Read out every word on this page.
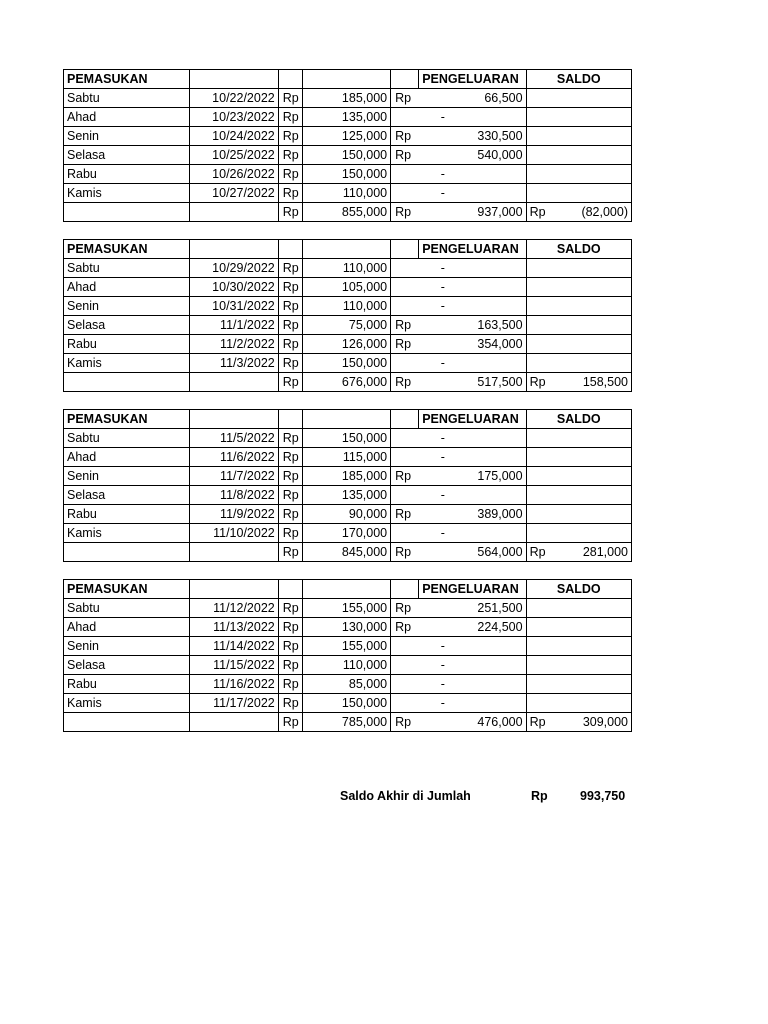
PEMASUKAN					PENGELUARAN	SALDO
Sabtu	10/22/2022	Rp	185,000	Rp	66,500	
Ahad	10/23/2022	Rp	135,000		-	
Senin	10/24/2022	Rp	125,000	Rp	330,500	
Selasa	10/25/2022	Rp	150,000	Rp	540,000	
Rabu	10/26/2022	Rp	150,000		-	
Kamis	10/27/2022	Rp	110,000		-	
		Rp	855,000	Rp	937,000	Rp (82,000)
PEMASUKAN					PENGELUARAN	SALDO
Sabtu	10/29/2022	Rp	110,000		-	
Ahad	10/30/2022	Rp	105,000		-	
Senin	10/31/2022	Rp	110,000		-	
Selasa	11/1/2022	Rp	75,000	Rp	163,500	
Rabu	11/2/2022	Rp	126,000	Rp	354,000	
Kamis	11/3/2022	Rp	150,000		-	
		Rp	676,000	Rp	517,500	Rp 158,500
PEMASUKAN					PENGELUARAN	SALDO
Sabtu	11/5/2022	Rp	150,000		-	
Ahad	11/6/2022	Rp	115,000		-	
Senin	11/7/2022	Rp	185,000	Rp	175,000	
Selasa	11/8/2022	Rp	135,000		-	
Rabu	11/9/2022	Rp	90,000	Rp	389,000	
Kamis	11/10/2022	Rp	170,000		-	
		Rp	845,000	Rp	564,000	Rp 281,000
PEMASUKAN					PENGELUARAN	SALDO
Sabtu	11/12/2022	Rp	155,000	Rp	251,500	
Ahad	11/13/2022	Rp	130,000	Rp	224,500	
Senin	11/14/2022	Rp	155,000		-	
Selasa	11/15/2022	Rp	110,000		-	
Rabu	11/16/2022	Rp	85,000		-	
Kamis	11/17/2022	Rp	150,000		-	
		Rp	785,000	Rp	476,000	Rp 309,000
Saldo Akhir di Jumlah	Rp	993,750
